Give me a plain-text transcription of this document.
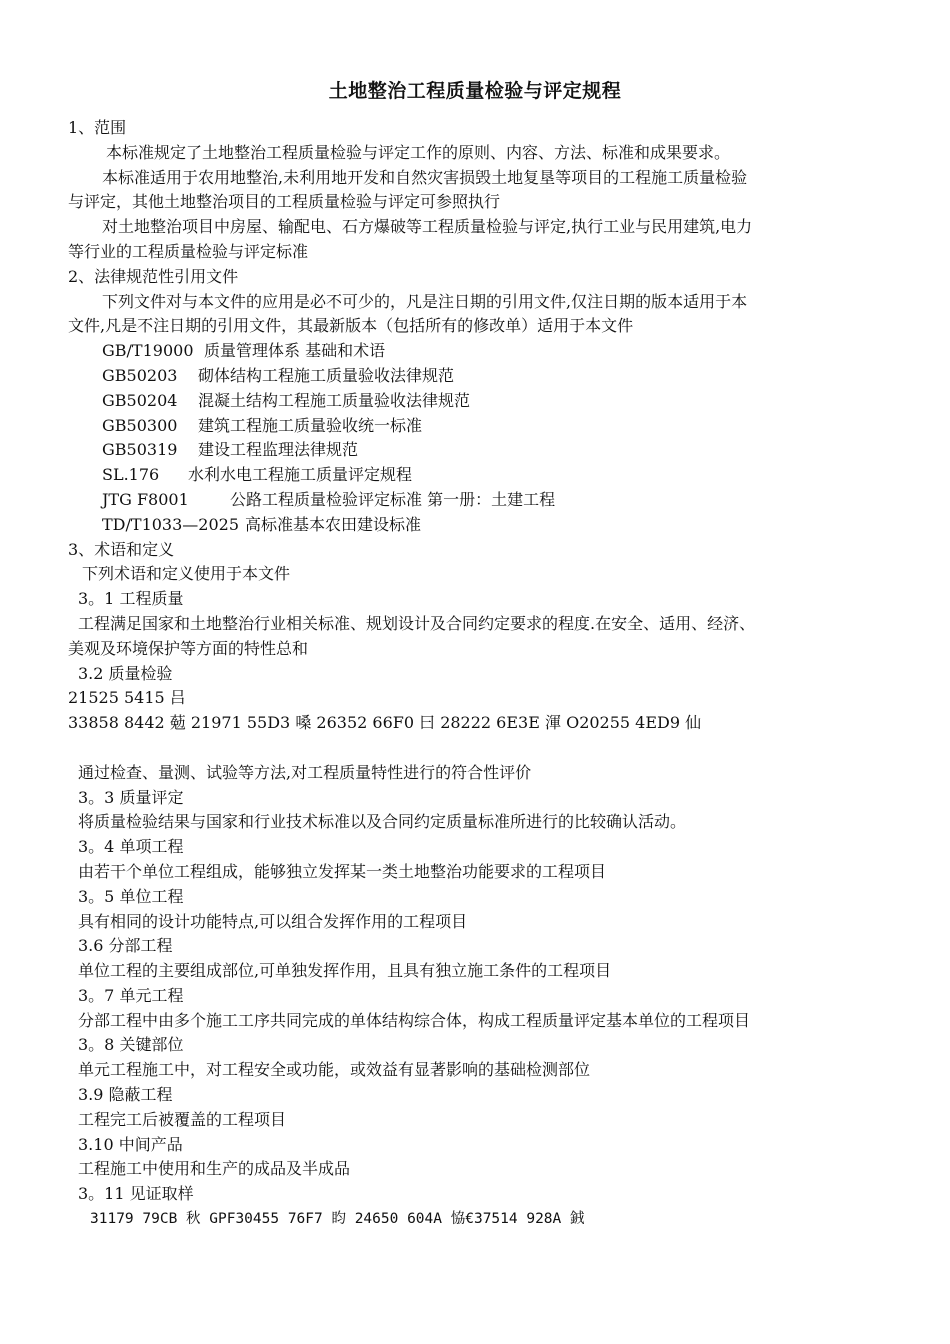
土地整治工程质量检验与评定规程
1、范围
本标准规定了土地整治工程质量检验与评定工作的原则、内容、方法、标准和成果要求。
本标准适用于农用地整治,未利用地开发和自然灾害损毁土地复垦等项目的工程施工质量检验
与评定，其他土地整治项目的工程质量检验与评定可参照执行
对土地整治项目中房屋、输配电、石方爆破等工程质量检验与评定,执行工业与民用建筑,电力
等行业的工程质量检验与评定标准
2、法律规范性引用文件
下列文件对与本文件的应用是必不可少的，凡是注日期的引用文件,仅注日期的版本适用于本
文件,凡是不注日期的引用文件，其最新版本（包括所有的修改单）适用于本文件
GB/T19000 质量管理体系 基础和术语
GB50203 砌体结构工程施工质量验收法律规范
GB50204 混凝土结构工程施工质量验收法律规范
GB50300 建筑工程施工质量验收统一标准
GB50319 建设工程监理法律规范
SL.176 水利水电工程施工质量评定规程
JTG F8001	公路工程质量检验评定标准 第一册：土建工程
TD/T1033—2025 高标准基本农田建设标准
3、术语和定义
下列术语和定义使用于本文件
3。1 工程质量
工程满足国家和土地整治行业相关标准、规划设计及合同约定要求的程度.在安全、适用、经济、
美观及环境保护等方面的特性总和
3.2 质量检验
21525 5415 吕
33858 8442 葂 21971 55D3 嗓 26352 66F0 曰 28222 6E3E 渾 O20255 4ED9 仙
通过检查、量测、试验等方法,对工程质量特性进行的符合性评价
3。3 质量评定
将质量检验结果与国家和行业技术标准以及合同约定质量标准所进行的比较确认活动。
3。4 单项工程
由若干个单位工程组成，能够独立发挥某一类土地整治功能要求的工程项目
3。5 单位工程
具有相同的设计功能特点,可以组合发挥作用的工程项目
3.6 分部工程
单位工程的主要组成部位,可单独发挥作用，且具有独立施工条件的工程项目
3。7 单元工程
分部工程中由多个施工工序共同完成的单体结构综合体，构成工程质量评定基本单位的工程项目
3。8 关键部位
单元工程施工中，对工程安全或功能，或效益有显著影响的基础检测部位
3.9 隐蔽工程
工程完工后被覆盖的工程项目
3.10 中间产品
工程施工中使用和生产的成品及半成品
3。11 见证取样
31179 79CB 秋 GPF30455 76F7 盷 24650 604A 恊€37514 928A 銊
